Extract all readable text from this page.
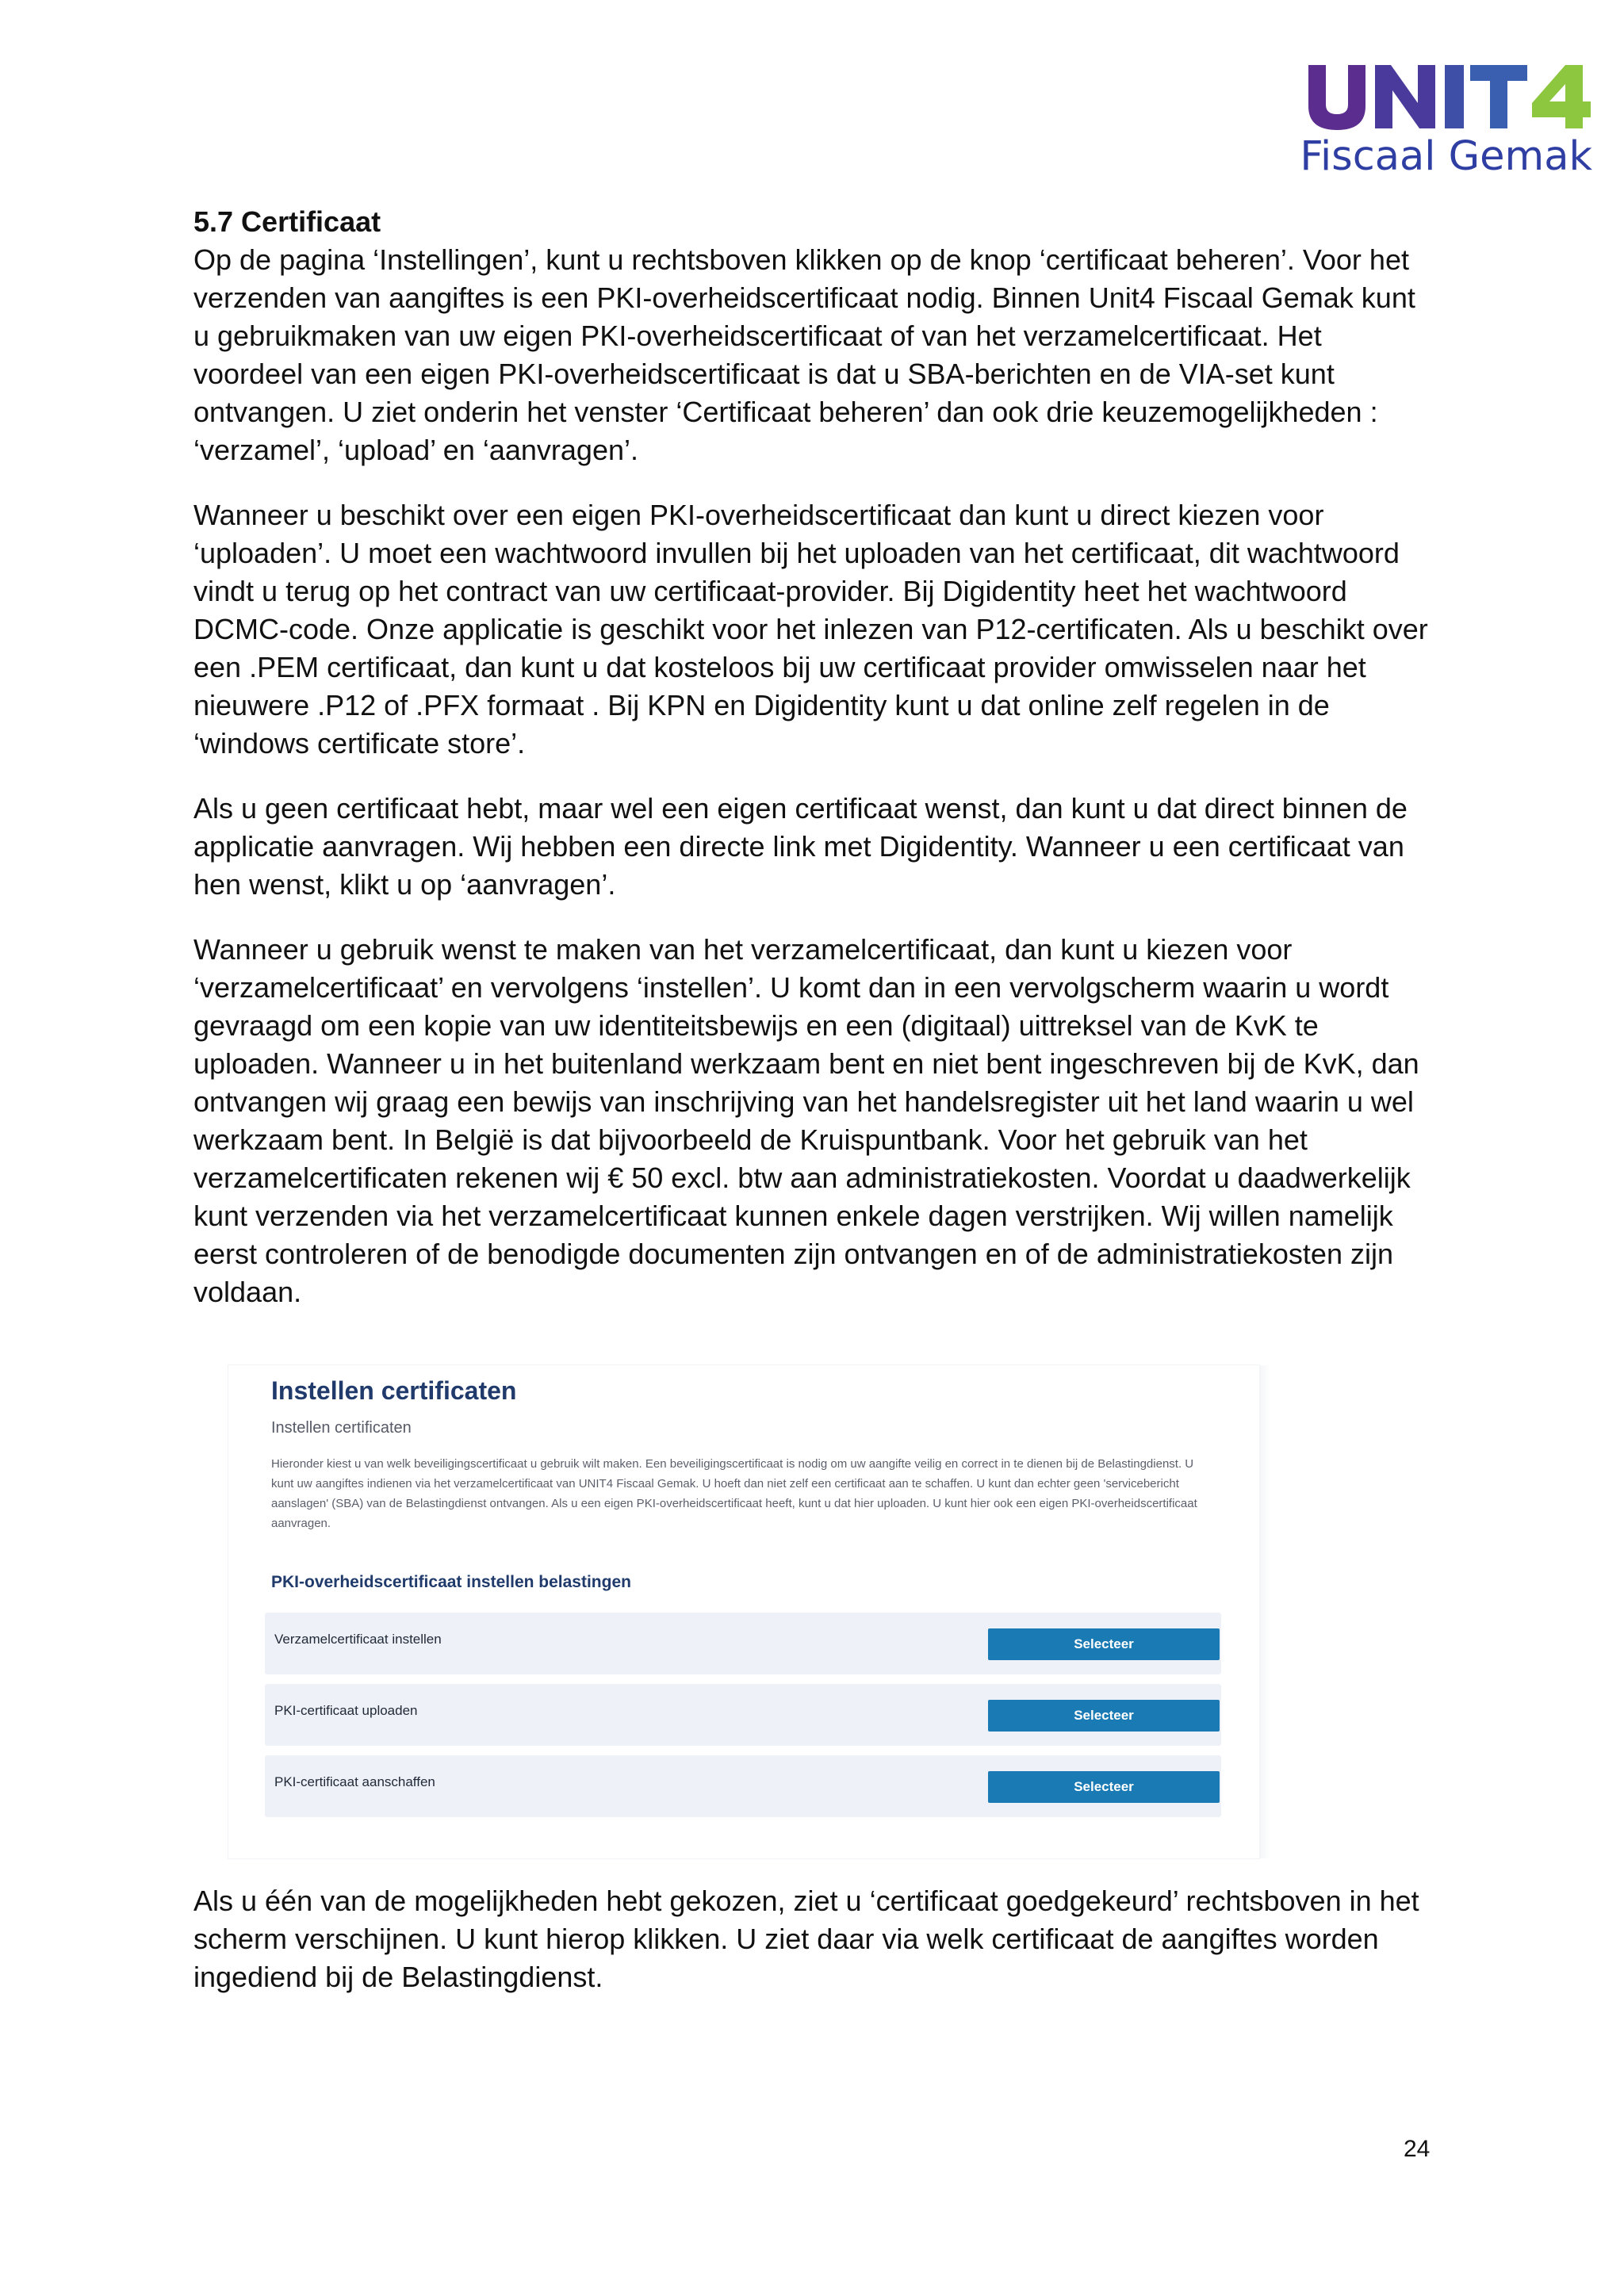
Fiscaal Gemak

5.7 Certificaat

Op de pagina ‘Instellingen’, kunt u rechtsboven klikken op de knop ‘certificaat beheren’. Voor het verzenden van aangiftes is een PKI-overheidscertificaat nodig. Binnen Unit4 Fiscaal Gemak kunt u gebruikmaken van uw eigen PKI-overheidscertificaat of van het verzamelcertificaat. Het voordeel van een eigen PKI-overheidscertificaat is dat u SBA-berichten en de VIA-set kunt ontvangen. U ziet onderin het venster ‘Certificaat beheren’ dan ook drie keuzemogelijkheden : ‘verzamel’, ‘upload’ en ‘aanvragen’.

Wanneer u beschikt over een eigen PKI-overheidscertificaat dan kunt u direct kiezen voor ‘uploaden’. U moet een wachtwoord invullen bij het uploaden van het certificaat, dit wachtwoord vindt u terug op het contract van uw certificaat-provider. Bij Digidentity heet het wachtwoord DCMC-code. Onze applicatie is geschikt voor het inlezen van P12-certificaten. Als u beschikt over een .PEM certificaat, dan kunt u dat kosteloos bij uw certificaat provider omwisselen naar het nieuwere .P12 of .PFX formaat . Bij KPN en Digidentity kunt u dat online zelf regelen in de ‘windows certificate store’.

Als u geen certificaat hebt, maar wel een eigen certificaat wenst, dan kunt u dat direct binnen de applicatie aanvragen. Wij hebben een directe link met Digidentity. Wanneer u een certificaat van hen wenst, klikt u op ‘aanvragen’.

Wanneer u gebruik wenst te maken van het verzamelcertificaat, dan kunt u kiezen voor ‘verzamelcertificaat’ en vervolgens ‘instellen’. U komt dan in een vervolgscherm waarin u wordt gevraagd om een kopie van uw identiteitsbewijs en een (digitaal) uittreksel van de KvK te uploaden. Wanneer u in het buitenland werkzaam bent en niet bent ingeschreven bij de KvK, dan ontvangen wij graag een bewijs van inschrijving van het handelsregister uit het land waarin u wel werkzaam bent. In België is dat bijvoorbeeld de Kruispuntbank. Voor het gebruik van het verzamelcertificaten rekenen wij € 50 excl. btw aan administratiekosten. Voordat u daadwerkelijk kunt verzenden via het verzamelcertificaat kunnen enkele dagen verstrijken. Wij willen namelijk eerst controleren of de benodigde documenten zijn ontvangen en of de administratiekosten zijn voldaan.

Instellen certificaten
Instellen certificaten
Hieronder kiest u van welk beveiligingscertificaat u gebruik wilt maken. Een beveiligingscertificaat is nodig om uw aangifte veilig en correct in te dienen bij de Belastingdienst. U kunt uw aangiftes indienen via het verzamelcertificaat van UNIT4 Fiscaal Gemak. U hoeft dan niet zelf een certificaat aan te schaffen. U kunt dan echter geen 'servicebericht aanslagen' (SBA) van de Belastingdienst ontvangen. Als u een eigen PKI-overheidscertificaat heeft, kunt u dat hier uploaden. U kunt hier ook een eigen PKI-overheidscertificaat aanvragen.
PKI-overheidscertificaat instellen belastingen
Verzamelcertificaat instellen	Selecteer
PKI-certificaat uploaden	Selecteer
PKI-certificaat aanschaffen	Selecteer

Als u één van de mogelijkheden hebt gekozen, ziet u ‘certificaat goedgekeurd’ rechtsboven in het scherm verschijnen. U kunt hierop klikken. U ziet daar via welk certificaat de aangiftes worden ingediend bij de Belastingdienst.

24
